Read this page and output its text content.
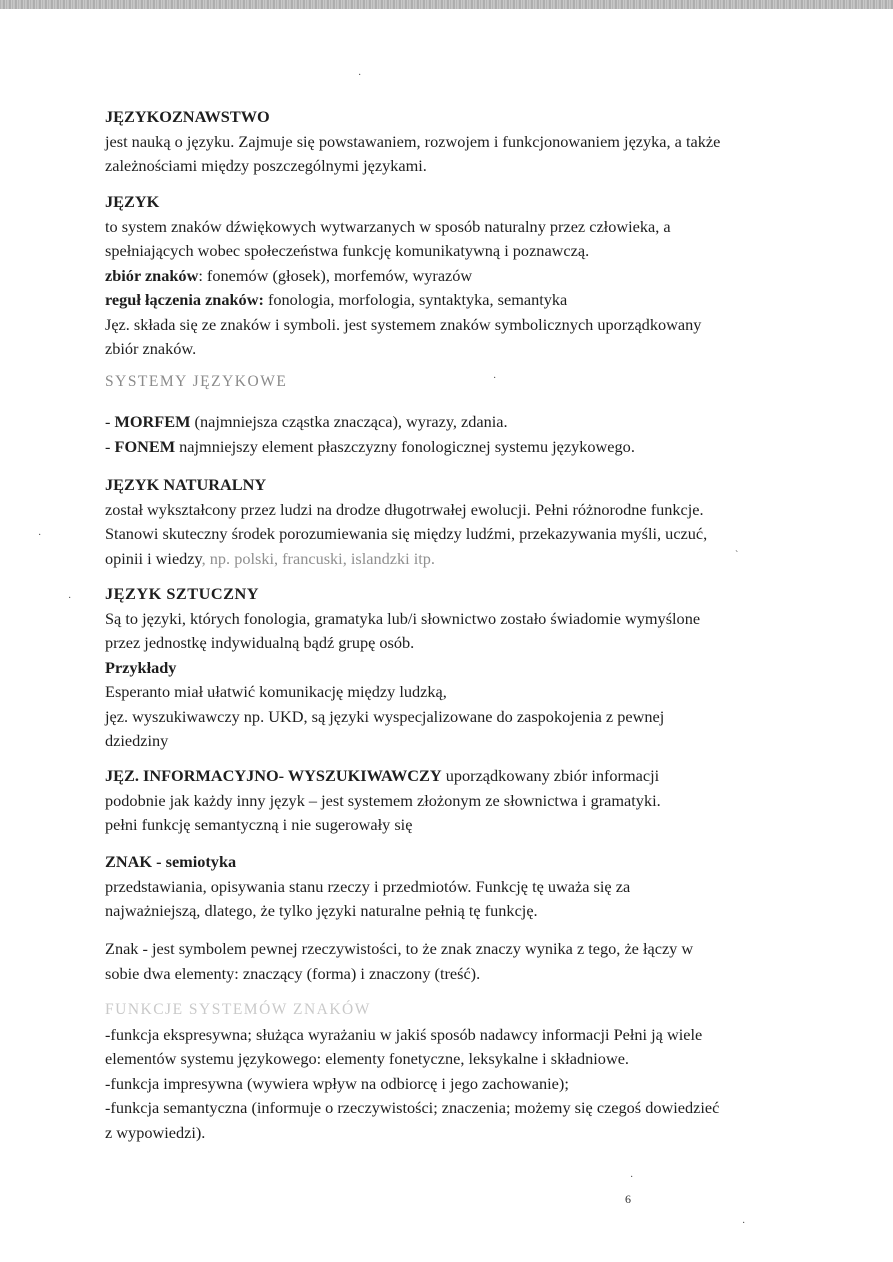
JĘZYKOZNAWSTWO

jest nauką o języku. Zajmuje się powstawaniem, rozwojem i funkcjonowaniem języka, a także

zależnościami między poszczególnymi językami.

JĘZYK

to system znaków dźwiękowych wytwarzanych w sposób naturalny przez człowieka, a

spełniających wobec społeczeństwa funkcję komunikatywną i poznawczą.

zbiór znaków: fonemów (głosek), morfemów, wyrazów

reguł łączenia znaków: fonologia, morfologia, syntaktyka, semantyka

Jęz. składa się ze znaków i symboli. jest systemem znaków symbolicznych uporządkowany

zbiór znaków.

SYSTEMY JĘZYKOWE

- MORFEM (najmniejsza cząstka znacząca), wyrazy, zdania.

- FONEM najmniejszy element płaszczyzny fonologicznej systemu językowego.

JĘZYK NATURALNY

został wykształcony przez ludzi na drodze długotrwałej ewolucji. Pełni różnorodne funkcje.

Stanowi skuteczny środek porozumiewania się między ludźmi, przekazywania myśli, uczuć,

opinii i wiedzy, np. polski, francuski, islandzki itp.

JĘZYK SZTUCZNY

Są to języki, których fonologia, gramatyka lub/i słownictwo zostało świadomie wymyślone

przez jednostkę indywidualną bądź grupę osób.

Przykłady

Esperanto miał ułatwić komunikację między ludzką,

jęz. wyszukiwawczy np. UKD, są języki wyspecjalizowane do zaspokojenia z pewnej

dziedziny

JĘZ. INFORMACYJNO- WYSZUKIWAWCZY uporządkowany zbiór informacji

podobnie jak każdy inny język – jest systemem złożonym ze słownictwa i gramatyki.

pełni funkcję semantyczną i nie sugerowały się

ZNAK - semiotyka

przedstawiania, opisywania stanu rzeczy i przedmiotów. Funkcję tę uważa się za

najważniejszą, dlatego, że tylko języki naturalne pełnią tę funkcję.

Znak - jest symbolem pewnej rzeczywistości, to że znak znaczy wynika z tego, że łączy w

sobie dwa elementy: znaczący (forma) i znaczony (treść).

FUNKCJE SYSTEMÓW ZNAKÓW

-funkcja ekspresywna; służąca wyrażaniu w jakiś sposób nadawcy informacji Pełni ją wiele

elementów systemu językowego: elementy fonetyczne, leksykalne i składniowe.

-funkcja impresywna (wywiera wpływ na odbiorcę i jego zachowanie);

-funkcja semantyczna (informuje o rzeczywistości; znaczenia; możemy się czegoś dowiedzieć

z wypowiedzi).

·
·
·
·
`
·
·
6
